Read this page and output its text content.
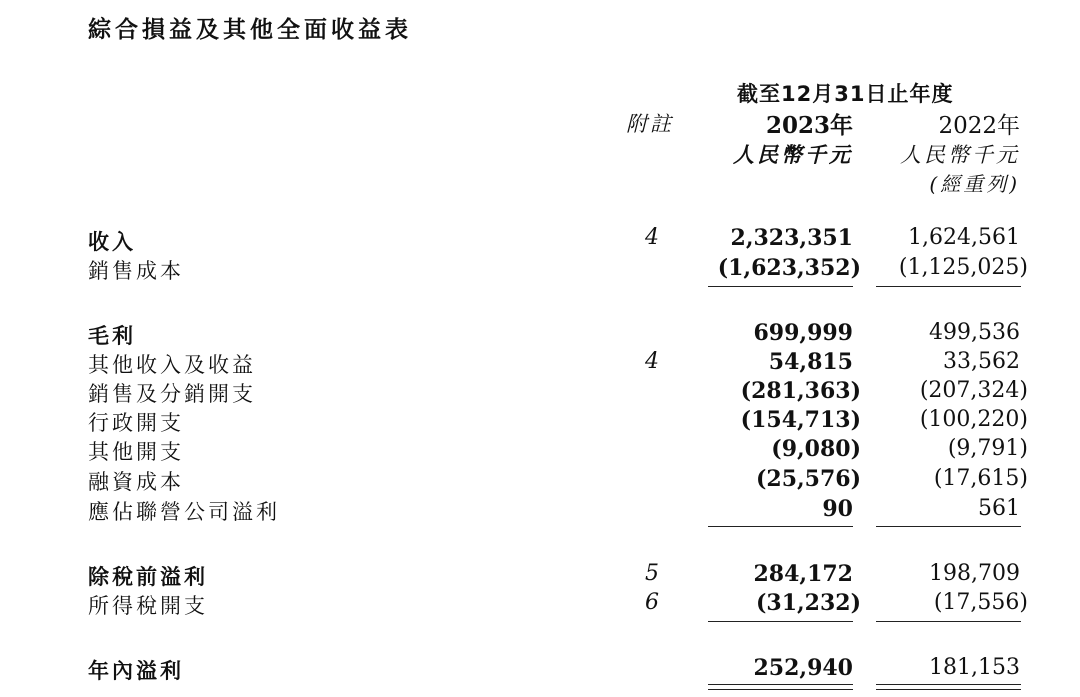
綜合損益及其他全面收益表
截至12月31日止年度
附註	2023年	2022年
人民幣千元	人民幣千元
(經重列)
收入	4	2,323,351	1,624,561
銷售成本	(1,623,352)	(1,125,025)
毛利	699,999	499,536
其他收入及收益	4	54,815	33,562
銷售及分銷開支	(281,363)	(207,324)
行政開支	(154,713)	(100,220)
其他開支	(9,080)	(9,791)
融資成本	(25,576)	(17,615)
應佔聯營公司溢利	90	561
除稅前溢利	5	284,172	198,709
所得稅開支	6	(31,232)	(17,556)
年內溢利	252,940	181,153
